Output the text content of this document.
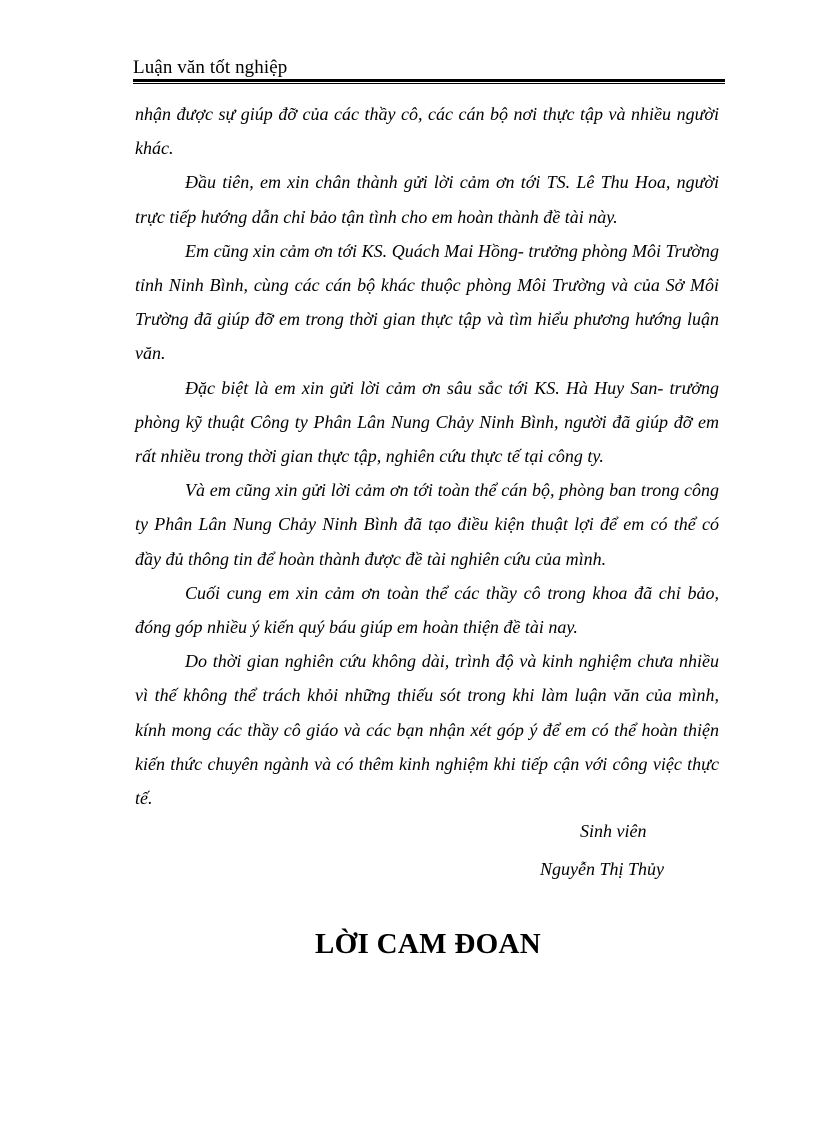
Luận văn tốt nghiệp

nhận được sự giúp đỡ của các thầy cô, các cán bộ nơi thực tập và nhiều người khác.

Đầu tiên, em xin chân thành gửi lời cảm ơn tới TS. Lê Thu Hoa, người trực tiếp hướng dẫn chỉ bảo tận tình cho em hoàn thành đề tài này.

Em cũng xin cảm ơn tới KS. Quách Mai Hồng- trưởng phòng Môi Trường tỉnh Ninh Bình, cùng các cán bộ khác thuộc phòng Môi Trường và của Sở Môi Trường đã giúp đỡ em trong thời gian thực tập và tìm hiểu phương hướng luận văn.

Đặc biệt là em xin gửi lời cảm ơn sâu sắc tới KS. Hà Huy San- trưởng phòng kỹ thuật Công ty Phân Lân Nung Chảy Ninh Bình, người đã giúp đỡ em rất nhiều trong thời gian thực tập, nghiên cứu thực tế tại công ty.

Và em cũng xin gửi lời cảm ơn tới toàn thể cán bộ, phòng ban trong công ty Phân Lân Nung Chảy Ninh Bình đã tạo điều kiện thuật lợi để em có thể có đầy đủ thông tin để hoàn thành được đề tài nghiên cứu của mình.

Cuối cung em xin cảm ơn toàn thể các thầy cô trong khoa đã chỉ bảo, đóng góp nhiều ý kiến quý báu giúp em hoàn thiện đề tài nay.

Do thời gian nghiên cứu không dài, trình độ và kinh nghiệm chưa nhiều vì thế không thể trách khỏi những thiếu sót trong khi làm luận văn của mình, kính mong các thầy cô giáo và các bạn nhận xét góp ý để em có thể hoàn thiện kiến thức chuyên ngành và có thêm kinh nghiệm khi tiếp cận với công việc thực tế.

Sinh viên
Nguyễn Thị Thủy
LỜI CAM ĐOAN
